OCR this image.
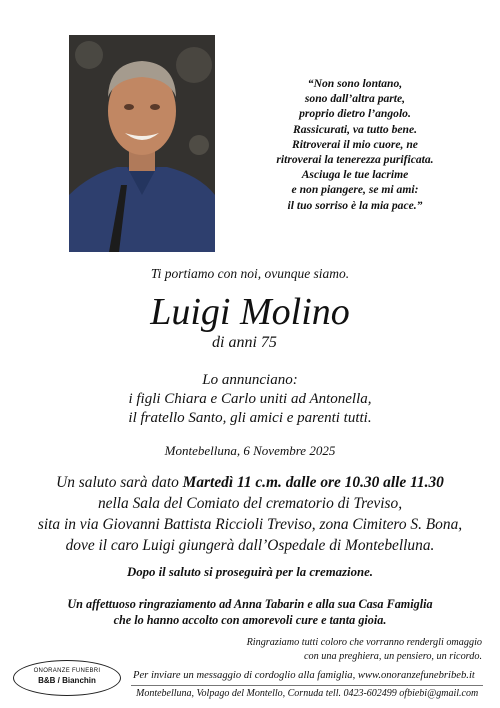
“Non sono lontano,
sono dall’altra parte,
proprio dietro l’angolo.
Rassicurati, va tutto bene.
Ritroverai il mio cuore, ne
ritroverai la tenerezza purificata.
Asciuga le tue lacrime
e non piangere, se mi ami:
il tuo sorriso è la mia pace.”
Ti portiamo con noi, ovunque siamo.
Luigi Molino
di anni 75
Lo annunciano:
i figli Chiara e Carlo uniti ad Antonella,
il fratello Santo, gli amici e parenti tutti.
Montebelluna, 6 Novembre 2025
Un saluto sarà dato Martedì 11 c.m. dalle ore 10.30 alle 11.30
nella Sala del Comiato del crematorio di Treviso,
sita in via Giovanni Battista Riccioli Treviso, zona Cimitero S. Bona,
dove il caro Luigi giungerà dall’Ospedale di Montebelluna.
Dopo il saluto si proseguirà per la cremazione.
Un affettuoso ringraziamento ad Anna Tabarin e alla sua Casa Famiglia
che lo hanno accolto con amorevoli cure e tanta gioia.
Ringraziamo tutti coloro che vorranno rendergli omaggio
con una preghiera, un pensiero, un ricordo.
ONORANZE FUNEBRI
B&B / Bianchin	Per inviare un messaggio di cordoglio alla famiglia, www.onoranzefunebribeb.it
Montebelluna, Volpago del Montello, Cornuda tell. 0423-602499 ofbiebi@gmail.com
